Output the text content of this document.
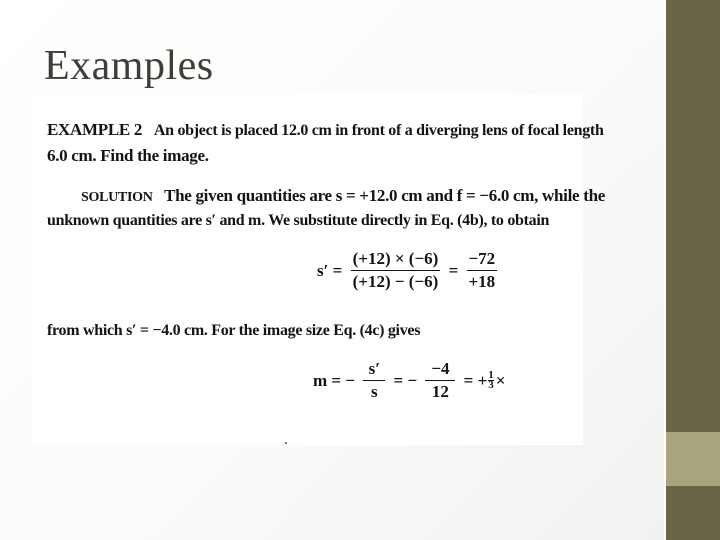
Examples
EXAMPLE 2 An object is placed 12.0 cm in front of a diverging lens of focal length
6.0 cm. Find the image.
SOLUTION The given quantities are s = +12.0 cm and f = −6.0 cm, while the
unknown quantities are s′ and m. We substitute directly in Eq. (4b), to obtain
$s' = \frac{(+12) \times (-6)}{(+12) - (-6)} = \frac{-72}{+18}$
from which s′ = −4.0 cm. For the image size Eq. (4c) gives
m = − $\frac{s'}{s}$ = − $\frac{-4}{12}$ = + $\frac{1}{3}$ ×
